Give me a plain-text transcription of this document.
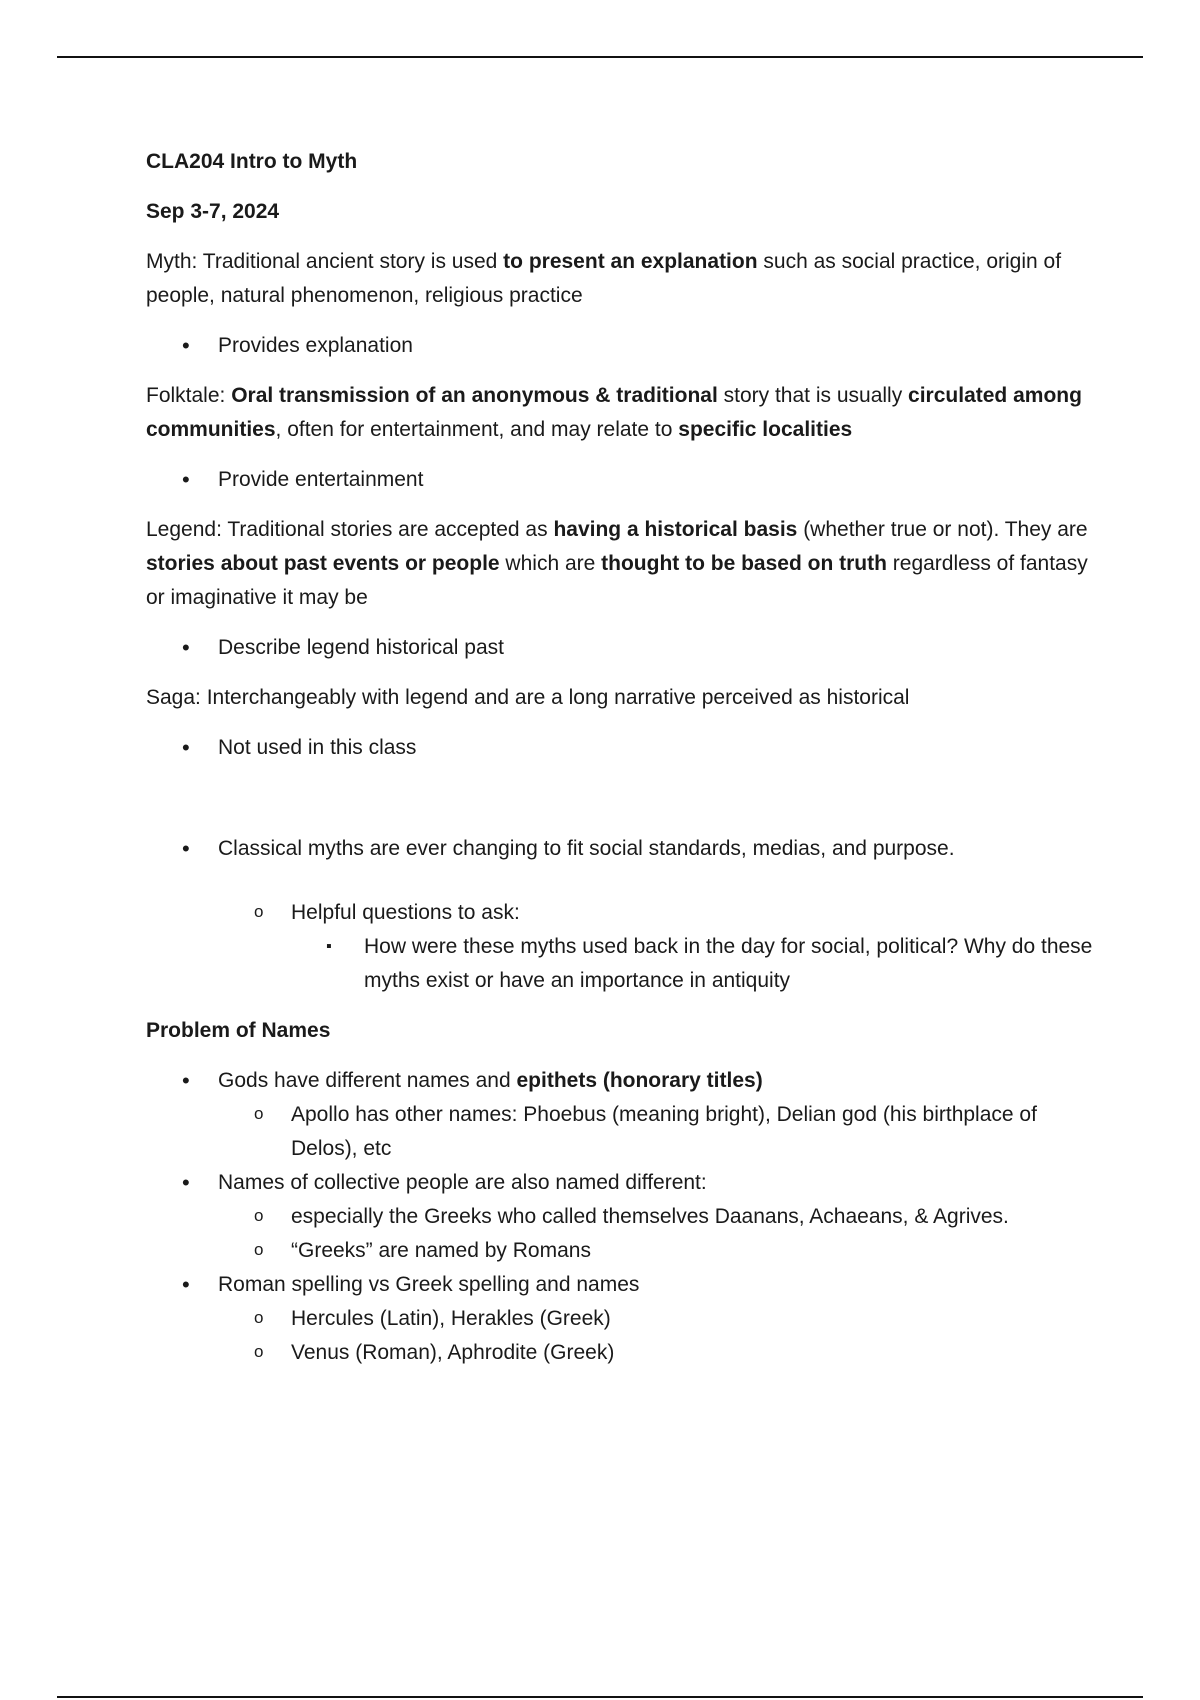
CLA204 Intro to Myth

Sep 3-7, 2024

Myth: Traditional ancient story is used to present an explanation such as social practice, origin of people, natural phenomenon, religious practice

• Provides explanation

Folktale: Oral transmission of an anonymous & traditional story that is usually circulated among communities, often for entertainment, and may relate to specific localities

• Provide entertainment

Legend: Traditional stories are accepted as having a historical basis (whether true or not). They are stories about past events or people which are thought to be based on truth regardless of fantasy or imaginative it may be

• Describe legend historical past

Saga: Interchangeably with legend and are a long narrative perceived as historical

• Not used in this class
• Classical myths are ever changing to fit social standards, medias, and purpose.
o Helpful questions to ask:
▪ How were these myths used back in the day for social, political? Why do these myths exist or have an importance in antiquity

Problem of Names

• Gods have different names and epithets (honorary titles)
o Apollo has other names: Phoebus (meaning bright), Delian god (his birthplace of Delos), etc
• Names of collective people are also named different:
o especially the Greeks who called themselves Daanans, Achaeans, & Agrives.
o “Greeks” are named by Romans
• Roman spelling vs Greek spelling and names
o Hercules (Latin), Herakles (Greek)
o Venus (Roman), Aphrodite (Greek)
